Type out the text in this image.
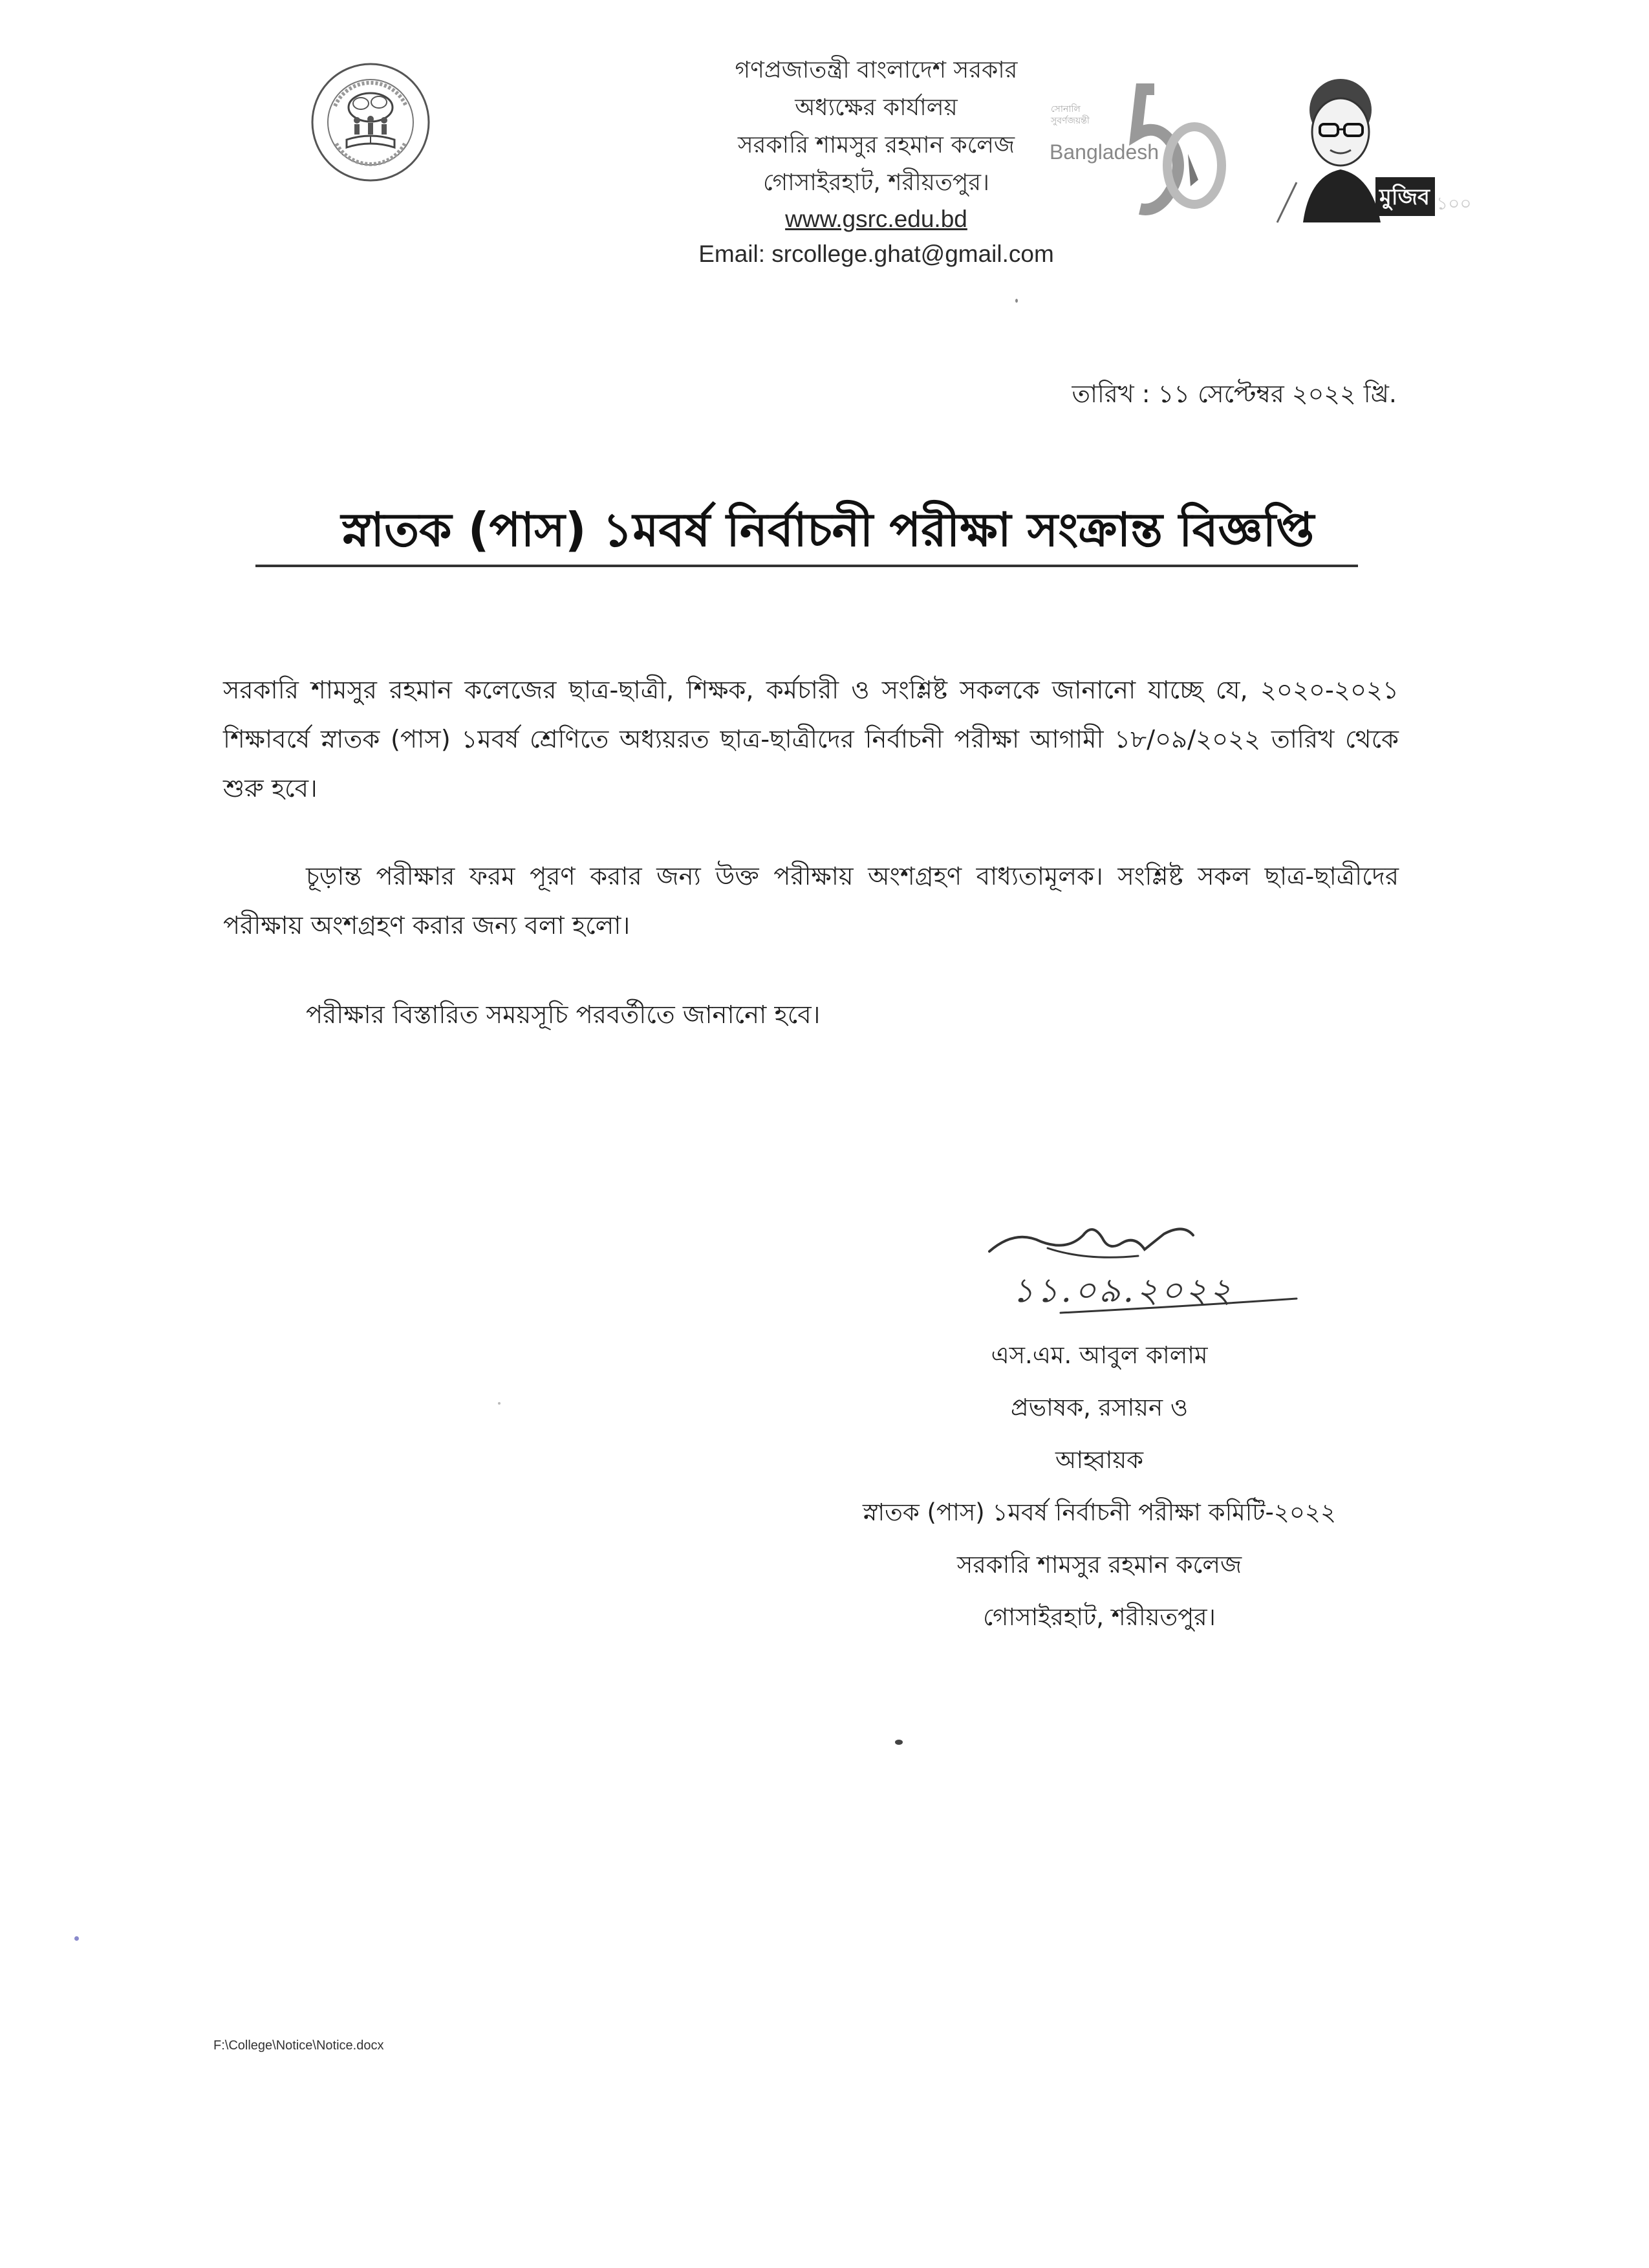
গণপ্রজাতন্ত্রী বাংলাদেশ সরকার
অধ্যক্ষের কার্যালয়
সরকারি শামসুর রহমান কলেজ
গোসাইরহাট, শরীয়তপুর।
www.gsrc.edu.bd
Email: srcollege.ghat@gmail.com
সোনালি
সুবর্ণজয়ন্তী
Bangladesh
মুজিব ১০০
তারিখ : ১১ সেপ্টেম্বর ২০২২ খ্রি.
স্নাতক (পাস) ১মবর্ষ নির্বাচনী পরীক্ষা সংক্রান্ত বিজ্ঞপ্তি
সরকারি শামসুর রহমান কলেজের ছাত্র-ছাত্রী, শিক্ষক, কর্মচারী ও সংশ্লিষ্ট সকলকে জানানো যাচ্ছে যে, ২০২০-২০২১ শিক্ষাবর্ষে স্নাতক (পাস) ১মবর্ষ শ্রেণিতে অধ্যয়রত ছাত্র-ছাত্রীদের নির্বাচনী পরীক্ষা আগামী ১৮/০৯/২০২২ তারিখ থেকে শুরু হবে।
চূড়ান্ত পরীক্ষার ফরম পূরণ করার জন্য উক্ত পরীক্ষায় অংশগ্রহণ বাধ্যতামূলক। সংশ্লিষ্ট সকল ছাত্র-ছাত্রীদের পরীক্ষায় অংশগ্রহণ করার জন্য বলা হলো।
পরীক্ষার বিস্তারিত সময়সূচি পরবর্তীতে জানানো হবে।
১১.০৯.২০২২
এস.এম. আবুল কালাম
প্রভাষক, রসায়ন ও
আহ্বায়ক
স্নাতক (পাস) ১মবর্ষ নির্বাচনী পরীক্ষা কমিটি-২০২২
সরকারি শামসুর রহমান কলেজ
গোসাইরহাট, শরীয়তপুর।
F:\College\Notice\Notice.docx
